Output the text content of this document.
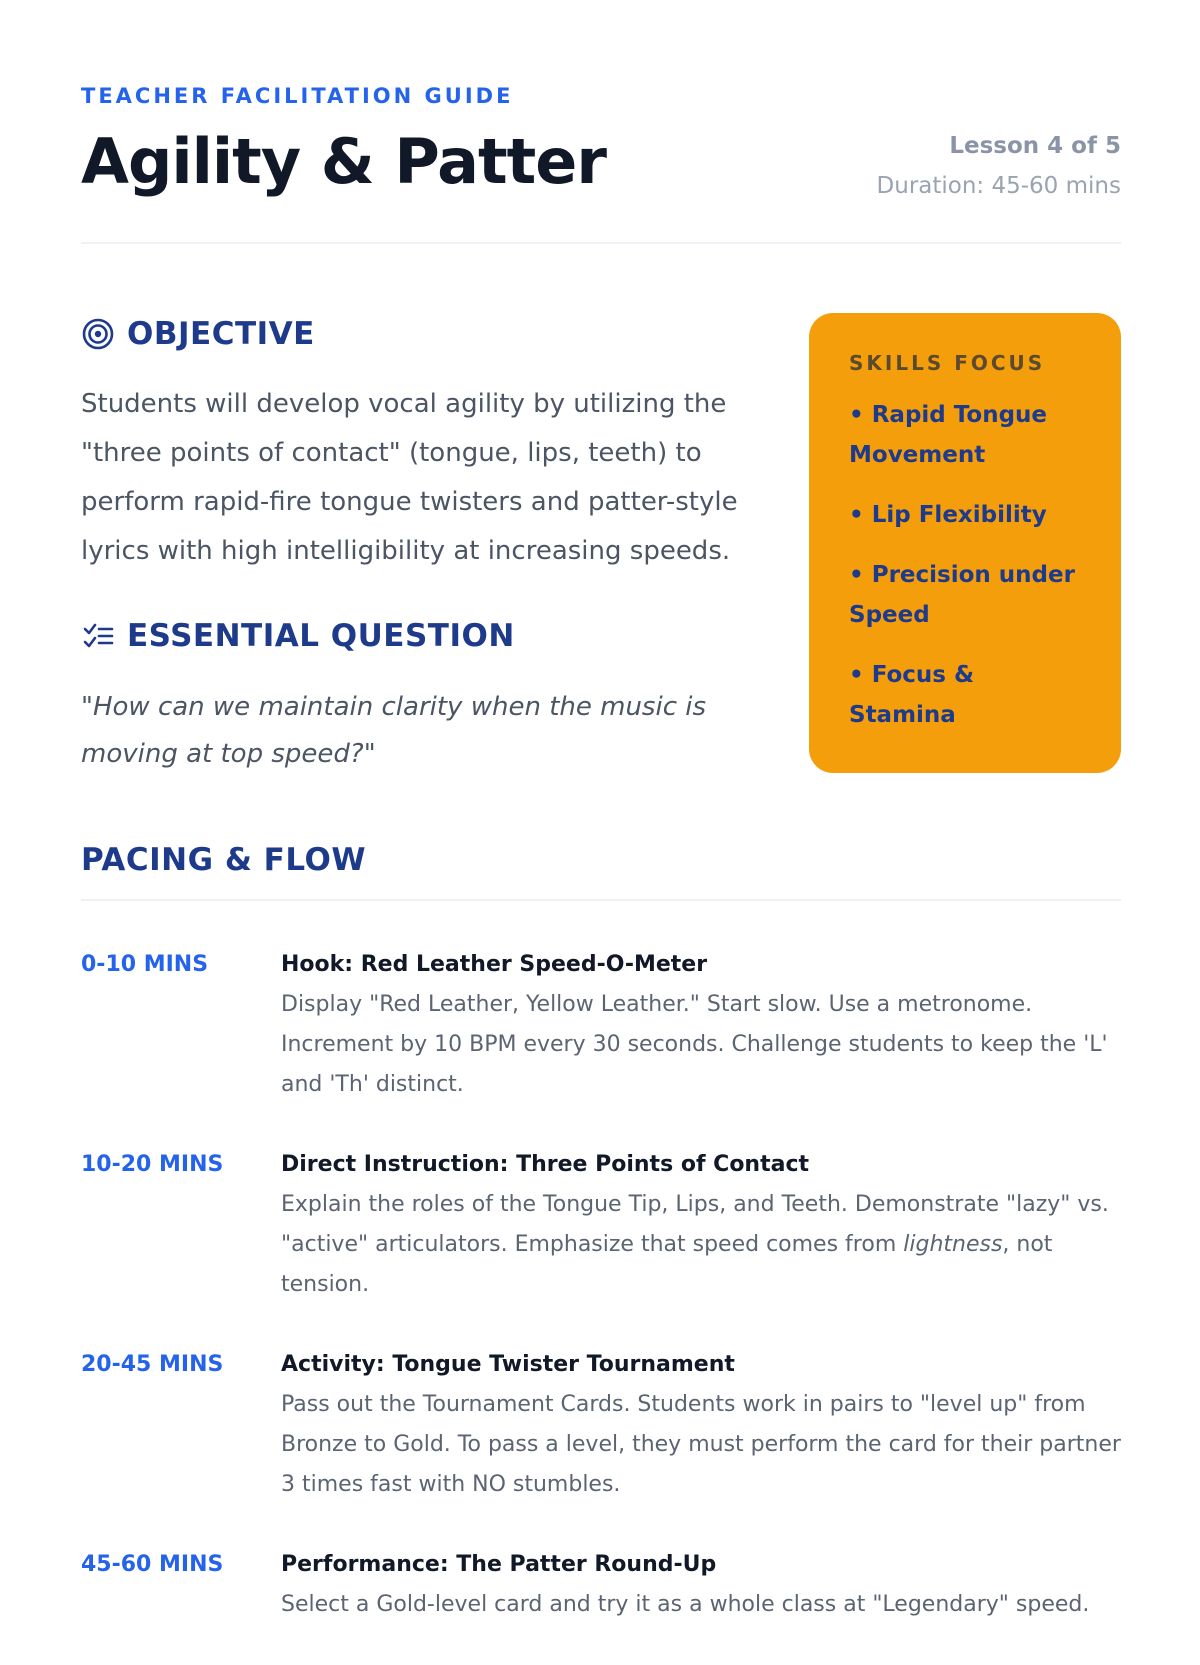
TEACHER FACILITATION GUIDE
Agility & Patter	Lesson 4 of 5
Duration: 45-60 mins
OBJECTIVE

Students will develop vocal agility by utilizing the "three points of contact" (tongue, lips, teeth) to perform rapid-fire tongue twisters and patter-style lyrics with high intelligibility at increasing speeds.

ESSENTIAL QUESTION

"How can we maintain clarity when the music is moving at top speed?"

SKILLS FOCUS
• Rapid Tongue Movement
• Lip Flexibility
• Precision under Speed
• Focus & Stamina
PACING & FLOW
0-10 MINS	Hook: Red Leather Speed-O-Meter
Display "Red Leather, Yellow Leather." Start slow. Use a metronome. Increment by 10 BPM every 30 seconds. Challenge students to keep the 'L' and 'Th' distinct.
10-20 MINS	Direct Instruction: Three Points of Contact
Explain the roles of the Tongue Tip, Lips, and Teeth. Demonstrate "lazy" vs. "active" articulators. Emphasize that speed comes from lightness, not tension.
20-45 MINS	Activity: Tongue Twister Tournament
Pass out the Tournament Cards. Students work in pairs to "level up" from Bronze to Gold. To pass a level, they must perform the card for their partner 3 times fast with NO stumbles.
45-60 MINS	Performance: The Patter Round-Up
Select a Gold-level card and try it as a whole class at "Legendary" speed.
